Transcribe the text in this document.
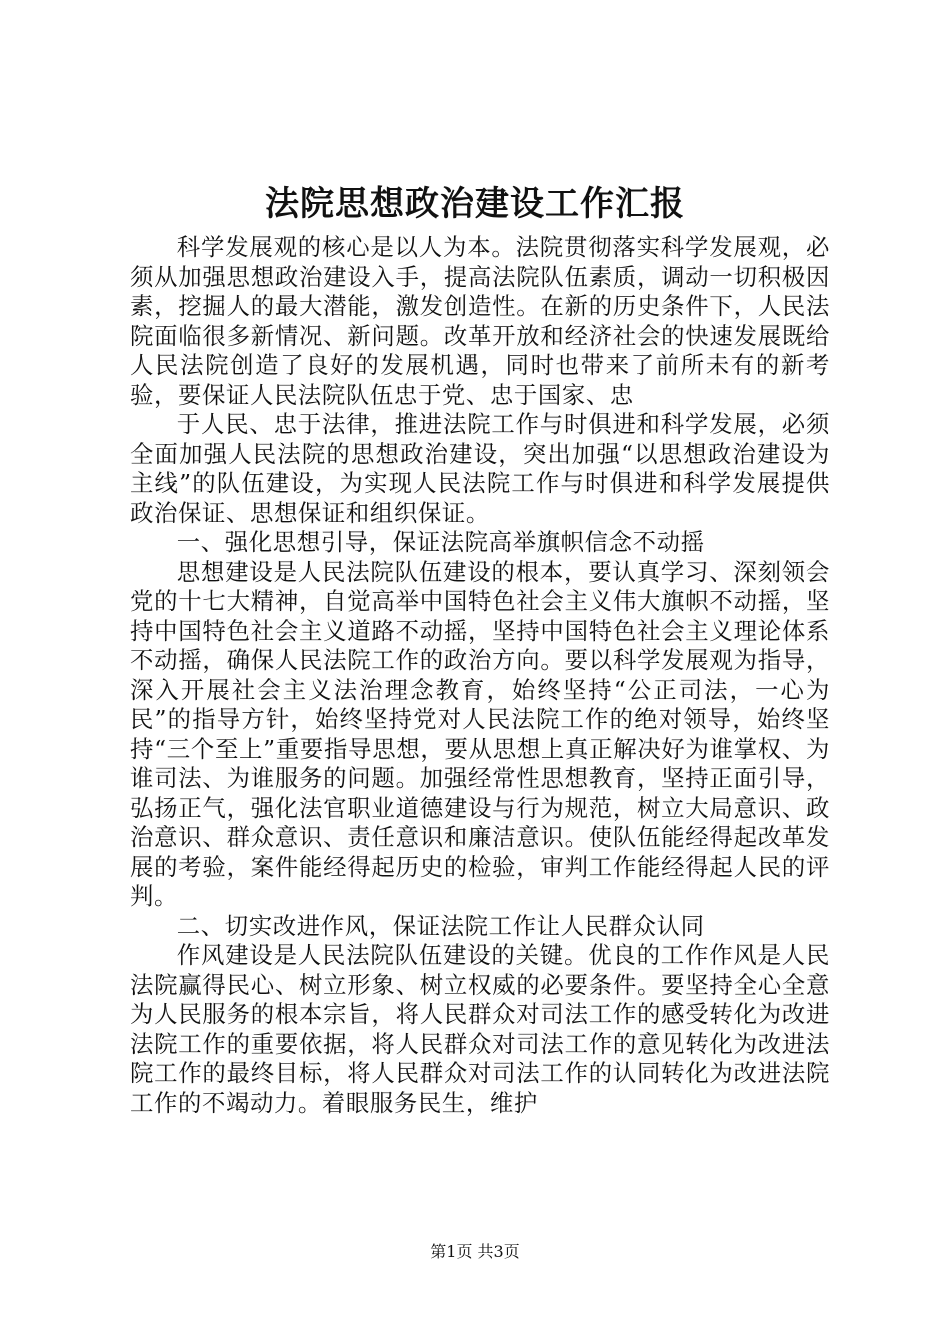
法院思想政治建设工作汇报

科学发展观的核心是以人为本。法院贯彻落实科学发展观，必须从加强思想政治建设入手，提高法院队伍素质，调动一切积极因素，挖掘人的最大潜能，激发创造性。在新的历史条件下，人民法院面临很多新情况、新问题。改革开放和经济社会的快速发展既给人民法院创造了良好的发展机遇，同时也带来了前所未有的新考验，要保证人民法院队伍忠于党、忠于国家、忠

于人民、忠于法律，推进法院工作与时俱进和科学发展，必须全面加强人民法院的思想政治建设，突出加强“以思想政治建设为主线”的队伍建设，为实现人民法院工作与时俱进和科学发展提供政治保证、思想保证和组织保证。

一、强化思想引导，保证法院高举旗帜信念不动摇

思想建设是人民法院队伍建设的根本，要认真学习、深刻领会党的十七大精神，自觉高举中国特色社会主义伟大旗帜不动摇，坚持中国特色社会主义道路不动摇，坚持中国特色社会主义理论体系不动摇，确保人民法院工作的政治方向。要以科学发展观为指导，深入开展社会主义法治理念教育，始终坚持“公正司法，一心为民”的指导方针，始终坚持党对人民法院工作的绝对领导，始终坚持“三个至上”重要指导思想，要从思想上真正解决好为谁掌权、为谁司法、为谁服务的问题。加强经常性思想教育，坚持正面引导，弘扬正气，强化法官职业道德建设与行为规范，树立大局意识、政治意识、群众意识、责任意识和廉洁意识。使队伍能经得起改革发展的考验，案件能经得起历史的检验，审判工作能经得起人民的评判。

二、切实改进作风，保证法院工作让人民群众认同

作风建设是人民法院队伍建设的关键。优良的工作作风是人民法院赢得民心、树立形象、树立权威的必要条件。要坚持全心全意为人民服务的根本宗旨，将人民群众对司法工作的感受转化为改进法院工作的重要依据，将人民群众对司法工作的意见转化为改进法院工作的最终目标，将人民群众对司法工作的认同转化为改进法院工作的不竭动力。着眼服务民生，维护

第1页 共3页
